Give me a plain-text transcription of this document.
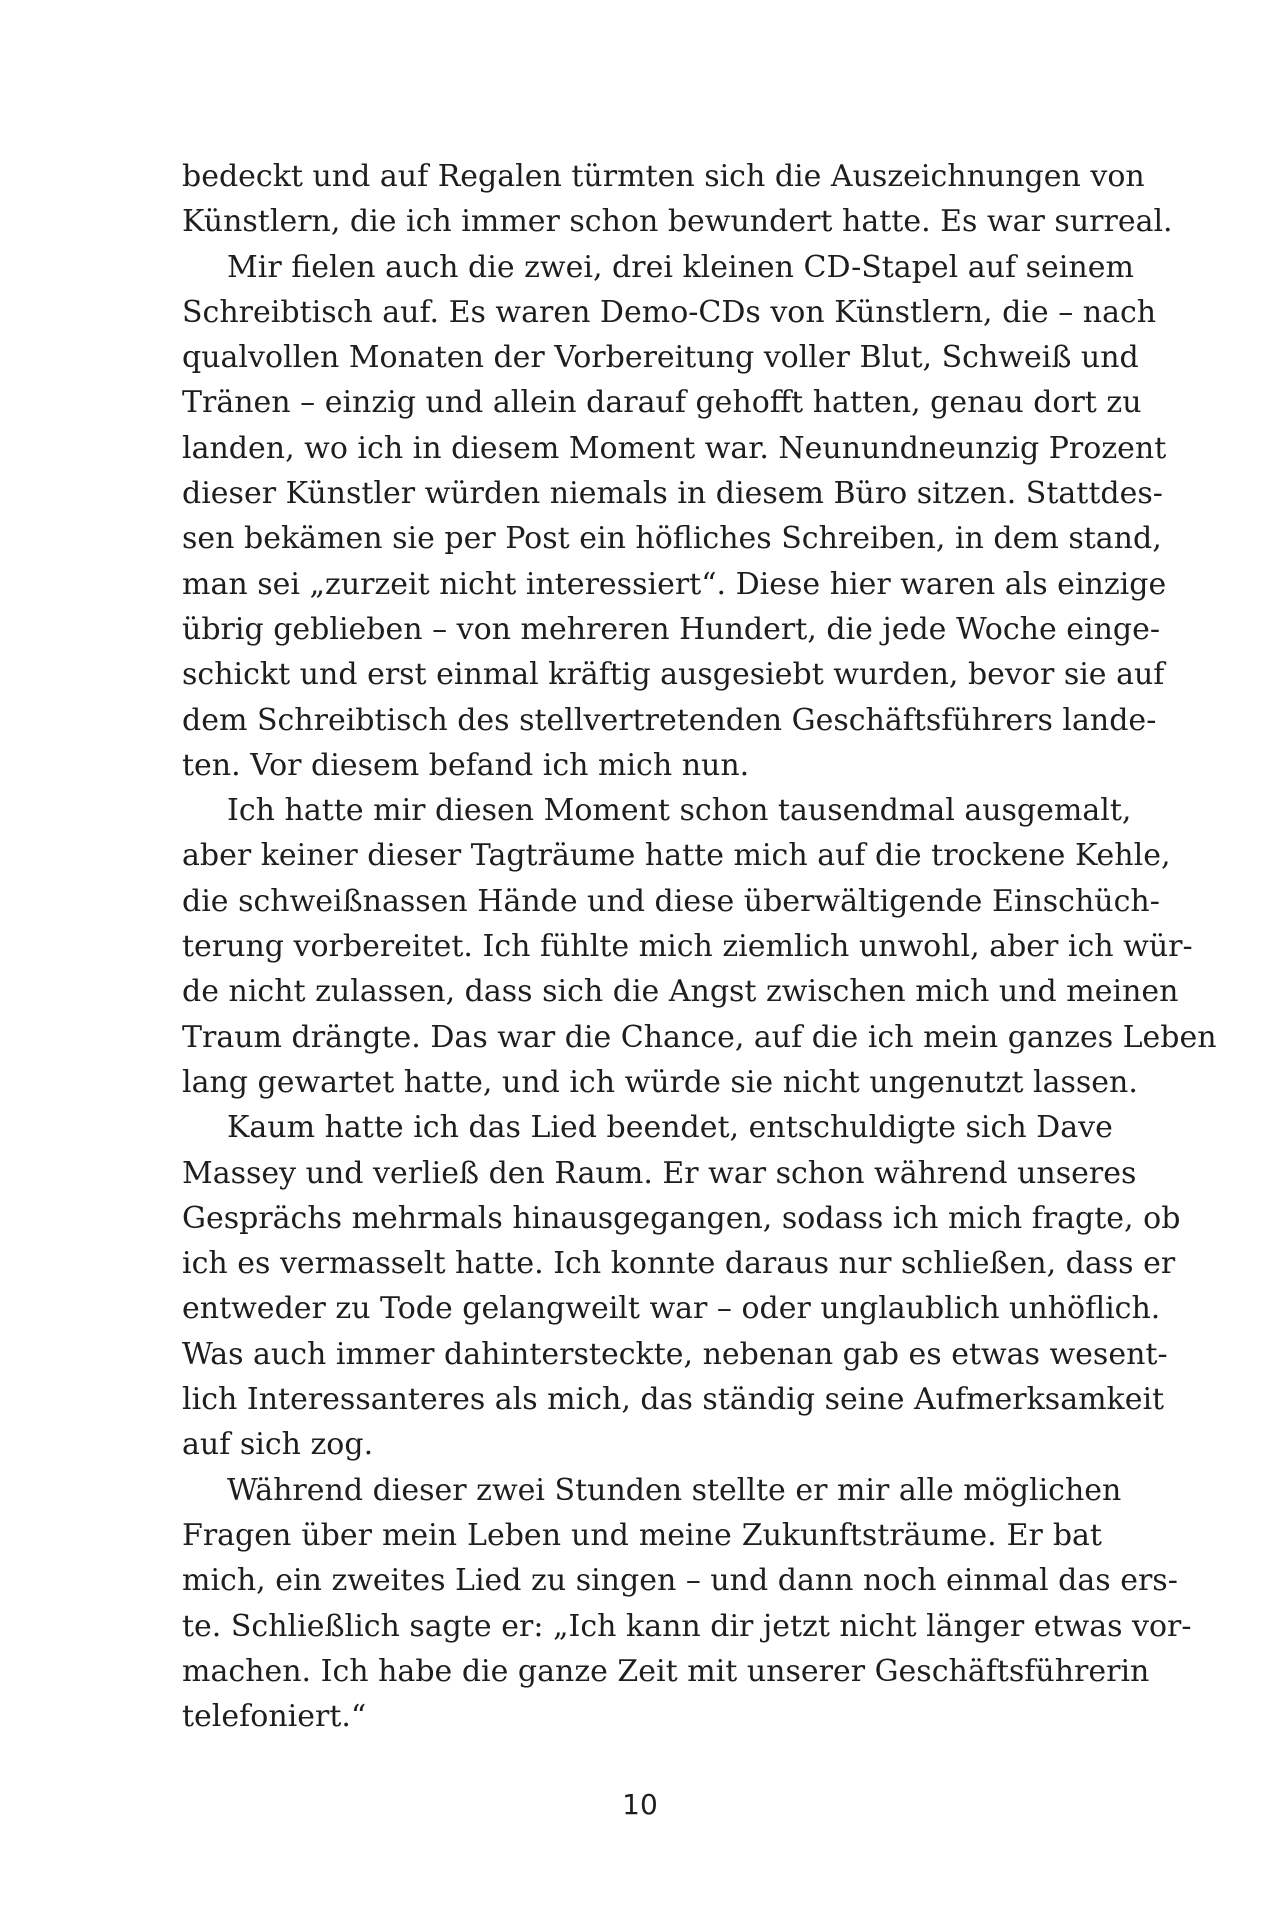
bedeckt und auf Regalen türmten sich die Auszeichnungen von
Künstlern, die ich immer schon bewundert hatte. Es war surreal.
Mir fielen auch die zwei, drei kleinen CD-Stapel auf seinem
Schreibtisch auf. Es waren Demo-CDs von Künstlern, die – nach
qualvollen Monaten der Vorbereitung voller Blut, Schweiß und
Tränen – einzig und allein darauf gehofft hatten, genau dort zu
landen, wo ich in diesem Moment war. Neunundneunzig Prozent
dieser Künstler würden niemals in diesem Büro sitzen. Stattdes-
sen bekämen sie per Post ein höfliches Schreiben, in dem stand,
man sei „zurzeit nicht interessiert“. Diese hier waren als einzige
übrig geblieben – von mehreren Hundert, die jede Woche einge-
schickt und erst einmal kräftig ausgesiebt wurden, bevor sie auf
dem Schreibtisch des stellvertretenden Geschäftsführers lande-
ten. Vor diesem befand ich mich nun.
Ich hatte mir diesen Moment schon tausendmal ausgemalt,
aber keiner dieser Tagträume hatte mich auf die trockene Kehle,
die schweißnassen Hände und diese überwältigende Einschüch-
terung vorbereitet. Ich fühlte mich ziemlich unwohl, aber ich wür-
de nicht zulassen, dass sich die Angst zwischen mich und meinen
Traum drängte. Das war die Chance, auf die ich mein ganzes Leben
lang gewartet hatte, und ich würde sie nicht ungenutzt lassen.
Kaum hatte ich das Lied beendet, entschuldigte sich Dave
Massey und verließ den Raum. Er war schon während unseres
Gesprächs mehrmals hinausgegangen, sodass ich mich fragte, ob
ich es vermasselt hatte. Ich konnte daraus nur schließen, dass er
entweder zu Tode gelangweilt war – oder unglaublich unhöflich.
Was auch immer dahintersteckte, nebenan gab es etwas wesent-
lich Interessanteres als mich, das ständig seine Aufmerksamkeit
auf sich zog.
Während dieser zwei Stunden stellte er mir alle möglichen
Fragen über mein Leben und meine Zukunftsträume. Er bat
mich, ein zweites Lied zu singen – und dann noch einmal das ers-
te. Schließlich sagte er: „Ich kann dir jetzt nicht länger etwas vor-
machen. Ich habe die ganze Zeit mit unserer Geschäftsführerin
telefoniert.“
10
